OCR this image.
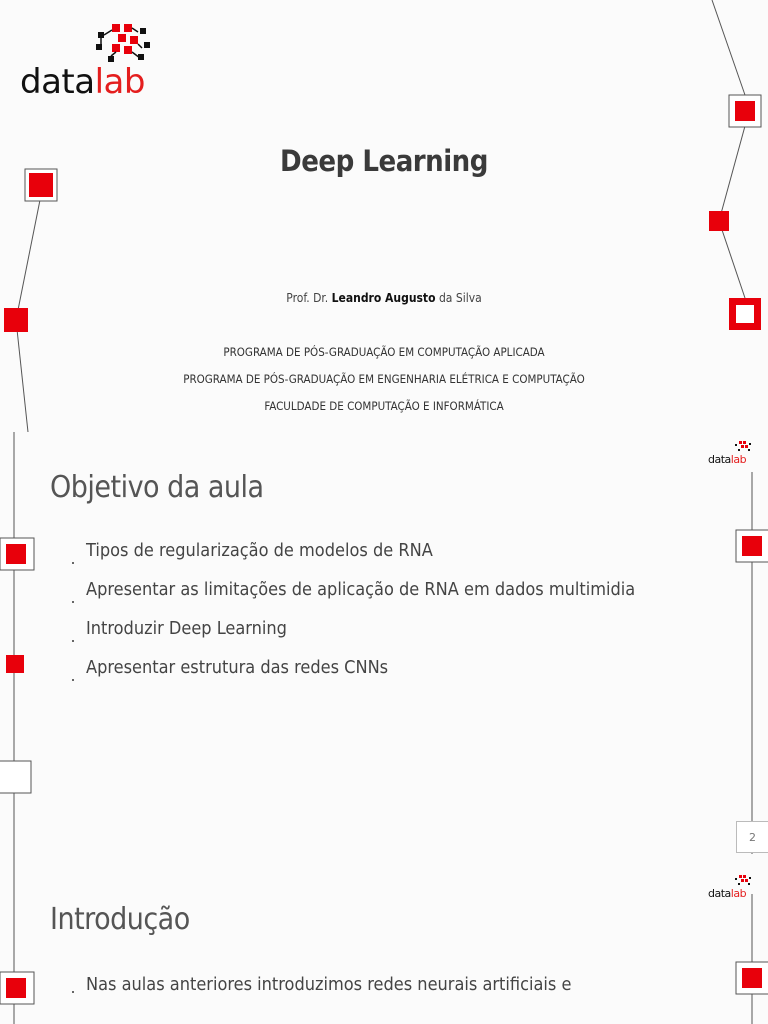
datalab
Deep Learning
Prof. Dr. Leandro Augusto da Silva
PROGRAMA DE PÓS-GRADUAÇÃO EM COMPUTAÇÃO APLICADA
PROGRAMA DE PÓS-GRADUAÇÃO EM ENGENHARIA ELÉTRICA E COMPUTAÇÃO
FACULDADE DE COMPUTAÇÃO E INFORMÁTICA
datalab
Objetivo da aula
Tipos de regularização de modelos de RNA
Apresentar as limitações de aplicação de RNA em dados multimidia
Introduzir Deep Learning
Apresentar estrutura das redes CNNs
2
datalab
Introdução
Nas aulas anteriores introduzimos redes neurais artificiais e
